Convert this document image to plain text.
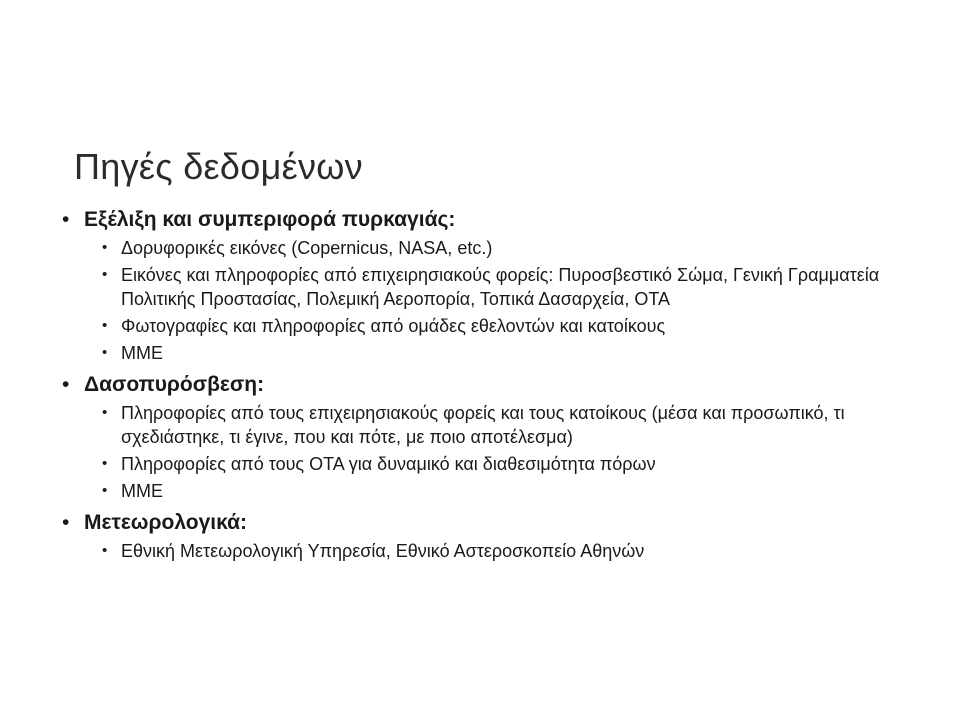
Πηγές δεδομένων
• Εξέλιξη και συμπεριφορά πυρκαγιάς:
• Δορυφορικές εικόνες (Copernicus, NASA, etc.)
• Εικόνες και πληροφορίες από επιχειρησιακούς φορείς: Πυροσβεστικό Σώμα, Γενική Γραμματεία Πολιτικής Προστασίας, Πολεμική Αεροπορία, Τοπικά Δασαρχεία, ΟΤΑ
• Φωτογραφίες και πληροφορίες από ομάδες εθελοντών και κατοίκους
• ΜΜΕ
• Δασοπυρόσβεση:
• Πληροφορίες από τους επιχειρησιακούς φορείς και τους κατοίκους (μέσα και προσωπικό, τι σχεδιάστηκε, τι έγινε, που και πότε, με ποιο αποτέλεσμα)
• Πληροφορίες από τους ΟΤΑ για δυναμικό και διαθεσιμότητα πόρων
• ΜΜΕ
• Μετεωρολογικά:
• Εθνική Μετεωρολογική Υπηρεσία, Εθνικό Αστεροσκοπείο Αθηνών
